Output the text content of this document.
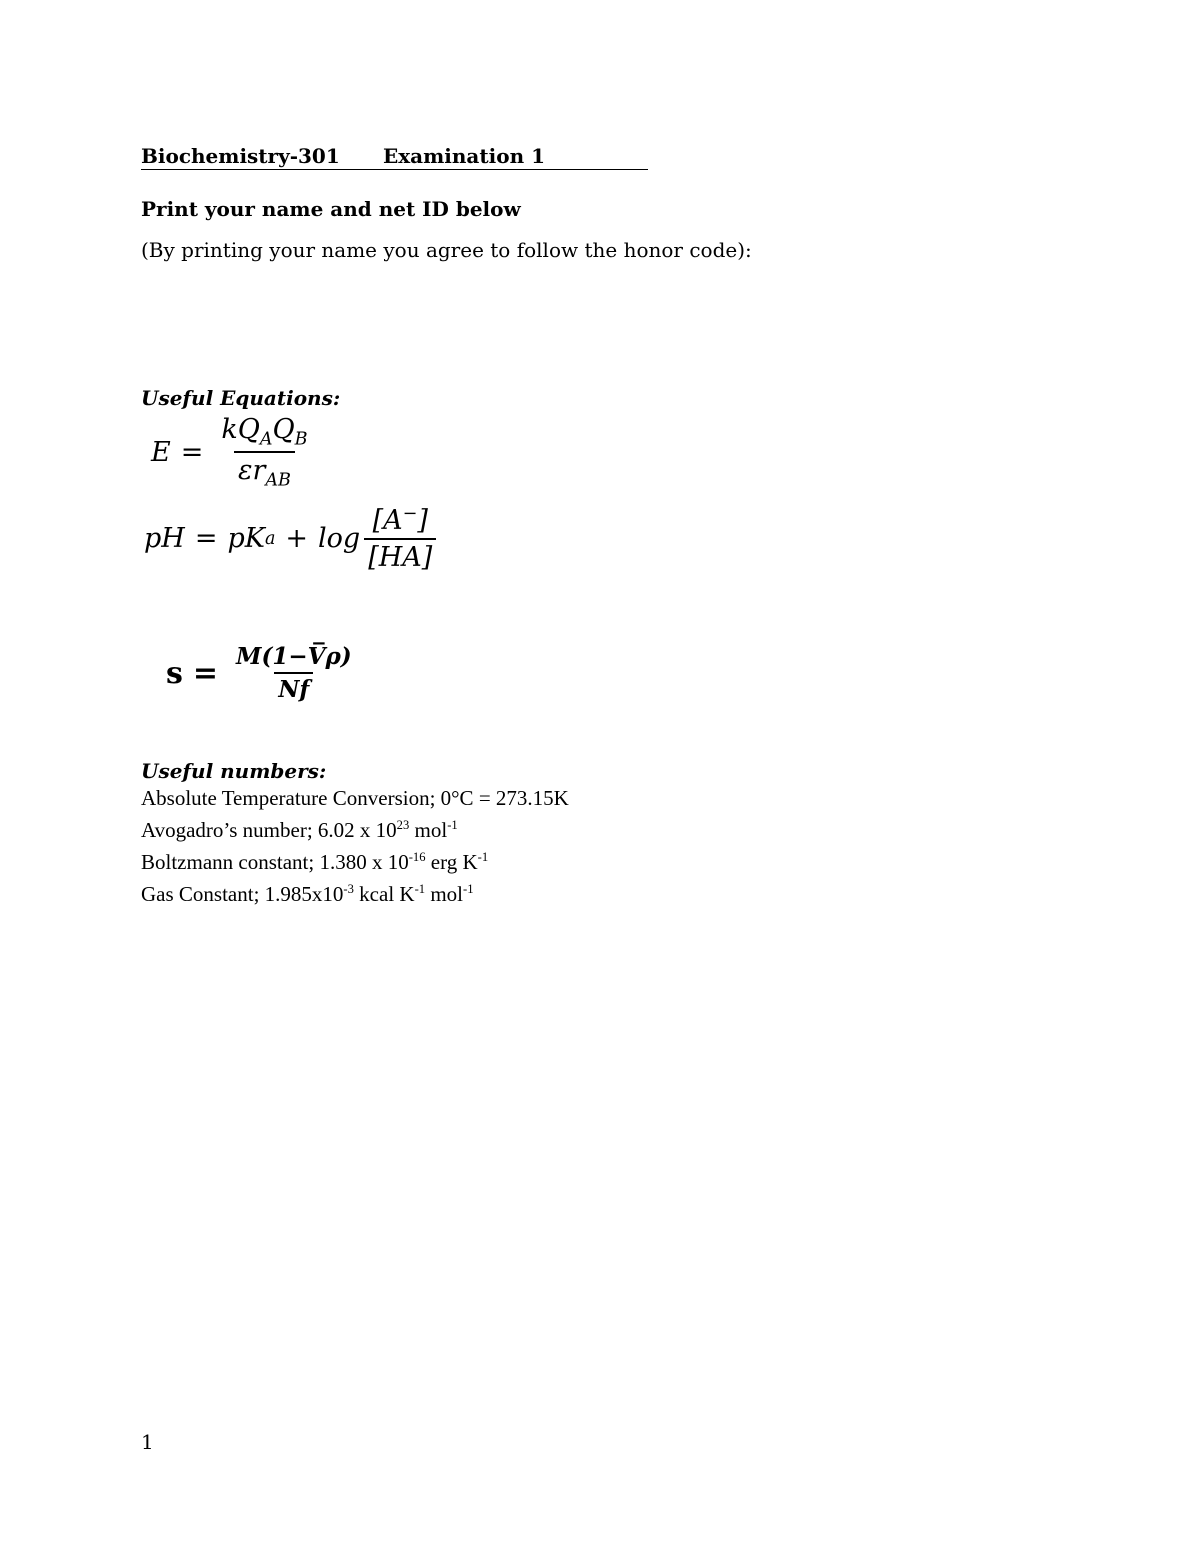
Biochemistry-301 Examination 1
Print your name and net ID below
(By printing your name you agree to follow the honor code):
Useful Equations:
$E = \frac{kQ_AQ_B}{\varepsilon r_{AB}}$
pH = pK $a + \log \frac{[A^-]}{[HA]}$
$s = \frac{M(1-V̅\rho)}{Nf}$
Useful numbers:
Absolute Temperature Conversion; 0°C = 273.15K
Avogadro’s number; 6.02 x $10^{23}$ mol$^{-1}$
Boltzmann constant; 1.380 x $10^{-16}$ erg $K^{-1}$
Gas Constant; $1.985x10^{-3}$ kcal $K^{-1}$ mol$^{-1}$
1
